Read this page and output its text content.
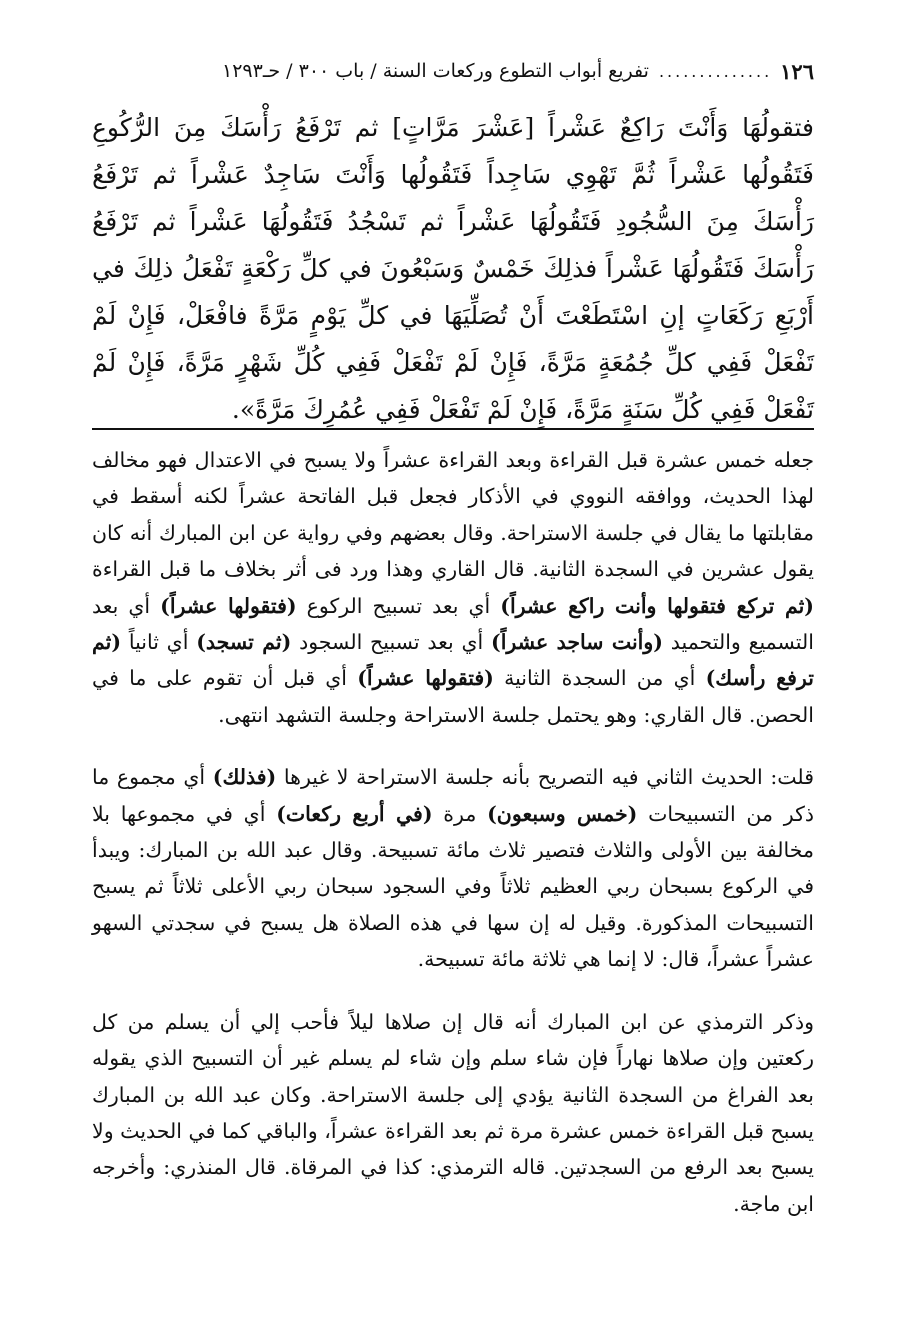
١٢٦
..............
تفريع أبواب التطوع وركعات السنة / باب ٣٠٠ / حـ١٢٩٣
فتقولُهَا وَأَنْتَ رَاكِعٌ عَشْراً [عَشْرَ مَرَّاتٍ] ثم تَرْفَعُ رَأْسَكَ مِنَ الرُّكُوعِ فَتَقُولُها عَشْراً ثُمَّ تَهْوِي سَاجِداً فَتَقُولُها وَأَنْتَ سَاجِدٌ عَشْراً ثم تَرْفَعُ رَأْسَكَ مِنَ السُّجُودِ فَتَقُولُهَا عَشْراً ثم تَسْجُدُ فَتَقُولُهَا عَشْراً ثم تَرْفَعُ رَأْسَكَ فَتَقُولُهَا عَشْراً فذلِكَ خَمْسٌ وَسَبْعُونَ في كلِّ رَكْعَةٍ تَفْعَلُ ذلِكَ في أَرْبَعِ رَكَعَاتٍ إنِ اسْتَطَعْتَ أَنْ تُصَلِّيَهَا في كلِّ يَوْمٍ مَرَّةً فافْعَلْ، فَإِنْ لَمْ تَفْعَلْ فَفِي كلِّ جُمُعَةٍ مَرَّةً، فَإِنْ لَمْ تَفْعَلْ فَفِي كُلِّ شَهْرٍ مَرَّةً، فَإِنْ لَمْ تَفْعَلْ فَفِي كُلِّ سَنَةٍ مَرَّةً، فَإِنْ لَمْ تَفْعَلْ فَفِي عُمُرِكَ مَرَّةً».

جعله خمس عشرة قبل القراءة وبعد القراءة عشراً ولا يسبح في الاعتدال فهو مخالف لهذا الحديث، ووافقه النووي في الأذكار فجعل قبل الفاتحة عشراً لكنه أسقط في مقابلتها ما يقال في جلسة الاستراحة. وقال بعضهم وفي رواية عن ابن المبارك أنه كان يقول عشرين في السجدة الثانية. قال القاري وهذا ورد فى أثر بخلاف ما قبل القراءة (ثم تركع فتقولها وأنت راكع عشراً) أي بعد تسبيح الركوع (فتقولها عشراً) أي بعد التسميع والتحميد (وأنت ساجد عشراً) أي بعد تسبيح السجود (ثم تسجد) أي ثانياً (ثم ترفع رأسك) أي من السجدة الثانية (فتقولها عشراً) أي قبل أن تقوم على ما في الحصن. قال القاري: وهو يحتمل جلسة الاستراحة وجلسة التشهد انتهى.

قلت: الحديث الثاني فيه التصريح بأنه جلسة الاستراحة لا غيرها (فذلك) أي مجموع ما ذكر من التسبيحات (خمس وسبعون) مرة (في أربع ركعات) أي في مجموعها بلا مخالفة بين الأولى والثلاث فتصير ثلاث مائة تسبيحة. وقال عبد الله بن المبارك: ويبدأ في الركوع بسبحان ربي العظيم ثلاثاً وفي السجود سبحان ربي الأعلى ثلاثاً ثم يسبح التسبيحات المذكورة. وقيل له إن سها في هذه الصلاة هل يسبح في سجدتي السهو عشراً عشراً، قال: لا إنما هي ثلاثة مائة تسبيحة.

وذكر الترمذي عن ابن المبارك أنه قال إن صلاها ليلاً فأحب إلي أن يسلم من كل ركعتين وإن صلاها نهاراً فإن شاء سلم وإن شاء لم يسلم غير أن التسبيح الذي يقوله بعد الفراغ من السجدة الثانية يؤدي إلى جلسة الاستراحة. وكان عبد الله بن المبارك يسبح قبل القراءة خمس عشرة مرة ثم بعد القراءة عشراً، والباقي كما في الحديث ولا يسبح بعد الرفع من السجدتين. قاله الترمذي: كذا في المرقاة. قال المنذري: وأخرجه ابن ماجة.
